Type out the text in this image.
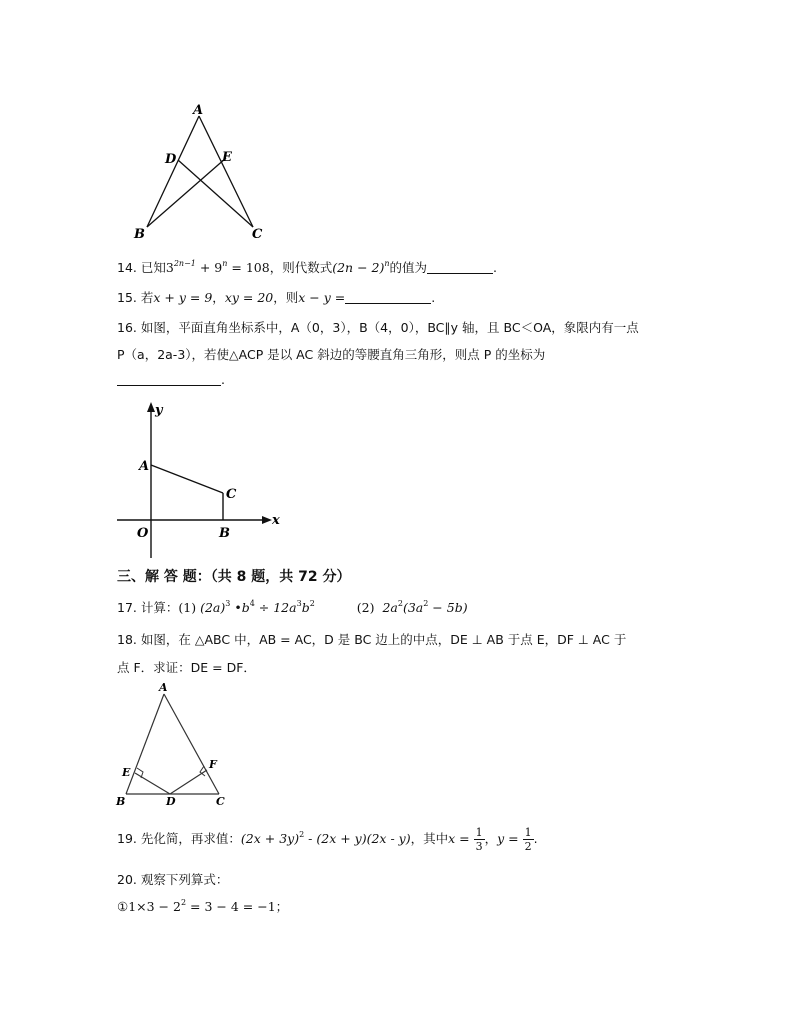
A
D	E
B	C
14. 已知$3^{2n-1} + 9^n = 108$，则代数式$(2n - 2)^n$的值为	.
15. 若x + y = 9，xy = 20，则x − y =	.
16. 如图，平面直角坐标系中，A（0，3），B（4，0），BC∥y 轴，且 BC＜OA，象限内有一点
P（a，2a-3），若使△ACP 是以 AC 斜边的等腰直角三角形，则点 P 的坐标为
.
y
x
A
C
O	B
三、解 答 题：（共 8 题，共 72 分）
17. 计算：(1) $(2a)^3$ $•b^4 \div 12a^3b^2$	(2) $2a^2(3a^2 - 5b)$
18. 如图，在 △ABC 中，AB = AC，D 是 BC 边上的中点，DE ⊥ AB 于点 E，DF ⊥ AC 于
点 F．求证：DE = DF．
A
E
F
B	D	C
19. 先化简，再求值：$(2x + 3y)^2 - (2x + y)(2x - y)$，其中$x = \frac{1}{3}$ ，$y = \frac{1}{2}$ .
20. 观察下列算式：
①1×3 − $2^2 = 3 - 4 = -1$；
